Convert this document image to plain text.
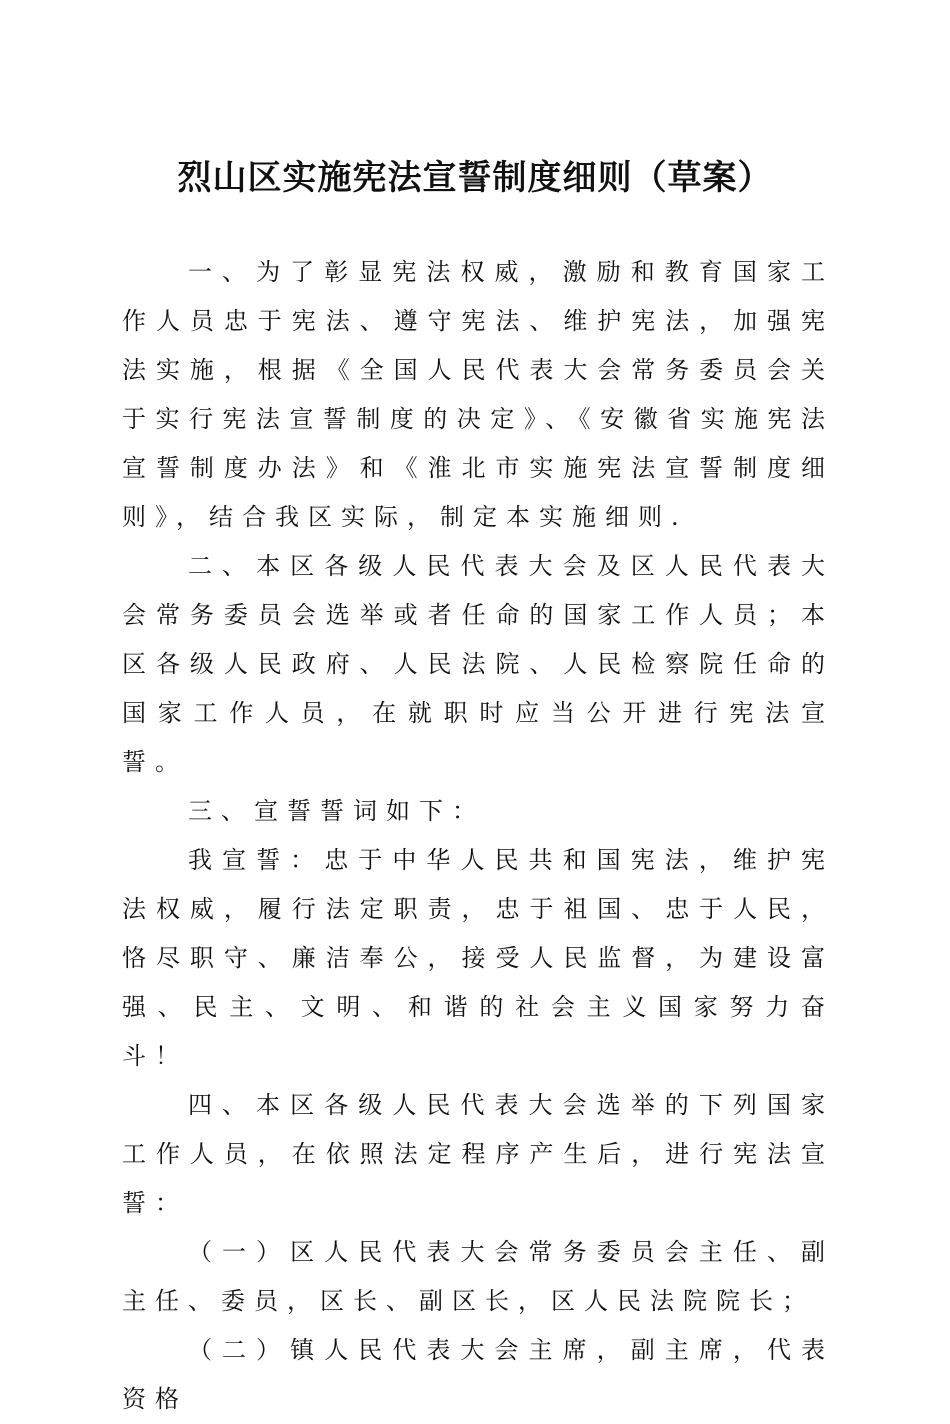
烈山区实施宪法宣誓制度细则（草案）

一、为了彰显宪法权威，激励和教育国家工作人员忠于宪法、遵守宪法、维护宪法，加强宪法实施，根据《全国人民代表大会常务委员会关于实行宪法宣誓制度的决定》、《安徽省实施宪法宣誓制度办法》和《淮北市实施宪法宣誓制度细则》，结合我区实际，制定本实施细则.

二、本区各级人民代表大会及区人民代表大会常务委员会选举或者任命的国家工作人员；本区各级人民政府、人民法院、人民检察院任命的国家工作人员，在就职时应当公开进行宪法宣誓。

三、宣誓誓词如下：

我宣誓：忠于中华人民共和国宪法，维护宪法权威，履行法定职责，忠于祖国、忠于人民，恪尽职守、廉洁奉公，接受人民监督，为建设富强、民主、文明、和谐的社会主义国家努力奋斗！

四、本区各级人民代表大会选举的下列国家工作人员，在依照法定程序产生后，进行宪法宣誓：

（一）区人民代表大会常务委员会主任、副主任、委员，区长、副区长，区人民法院院长；

（二）镇人民代表大会主席，副主席，代表资格
